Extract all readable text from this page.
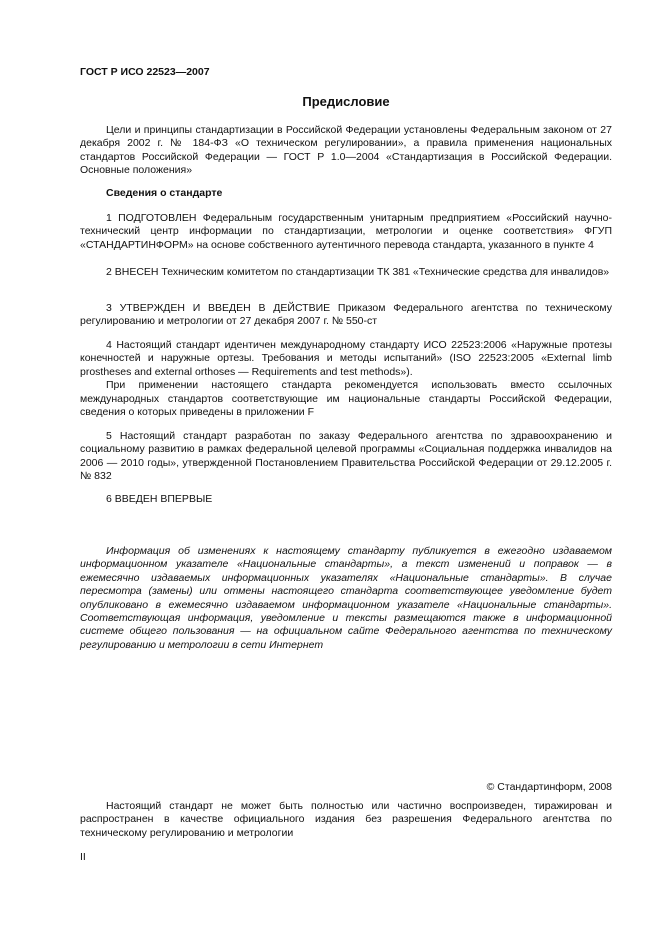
ГОСТ Р ИСО 22523—2007
Предисловие

Цели и принципы стандартизации в Российской Федерации установлены Федеральным законом от 27 декабря 2002 г. № 184-ФЗ «О техническом регулировании», а правила применения национальных стандартов Российской Федерации — ГОСТ Р 1.0—2004 «Стандартизация в Российской Федерации. Основные положения»

Сведения о стандарте

1 ПОДГОТОВЛЕН Федеральным государственным унитарным предприятием «Российский научно-технический центр информации по стандартизации, метрологии и оценке соответствия» ФГУП «СТАНДАРТИНФОРМ» на основе собственного аутентичного перевода стандарта, указанного в пункте 4

2 ВНЕСЕН Техническим комитетом по стандартизации ТК 381 «Технические средства для инвалидов»

3 УТВЕРЖДЕН И ВВЕДЕН В ДЕЙСТВИЕ Приказом Федерального агентства по техническому регулированию и метрологии от 27 декабря 2007 г. № 550-ст

4 Настоящий стандарт идентичен международному стандарту ИСО 22523:2006 «Наружные протезы конечностей и наружные ортезы. Требования и методы испытаний» (ISO 22523:2005 «External limb prostheses and external orthoses — Requirements and test methods»).

При применении настоящего стандарта рекомендуется использовать вместо ссылочных международных стандартов соответствующие им национальные стандарты Российской Федерации, сведения о которых приведены в приложении F

5 Настоящий стандарт разработан по заказу Федерального агентства по здравоохранению и социальному развитию в рамках федеральной целевой программы «Социальная поддержка инвалидов на 2006 — 2010 годы», утвержденной Постановлением Правительства Российской Федерации от 29.12.2005 г. № 832

6 ВВЕДЕН ВПЕРВЫЕ

Информация об изменениях к настоящему стандарту публикуется в ежегодно издаваемом информационном указателе «Национальные стандарты», а текст изменений и поправок — в ежемесячно издаваемых информационных указателях «Национальные стандарты». В случае пересмотра (замены) или отмены настоящего стандарта соответствующее уведомление будет опубликовано в ежемесячно издаваемом информационном указателе «Национальные стандарты». Соответствующая информация, уведомление и тексты размещаются также в информационной системе общего пользования — на официальном сайте Федерального агентства по техническому регулированию и метрологии в сети Интернет

© Стандартинформ, 2008

Настоящий стандарт не может быть полностью или частично воспроизведен, тиражирован и распространен в качестве официального издания без разрешения Федерального агентства по техническому регулированию и метрологии

II
